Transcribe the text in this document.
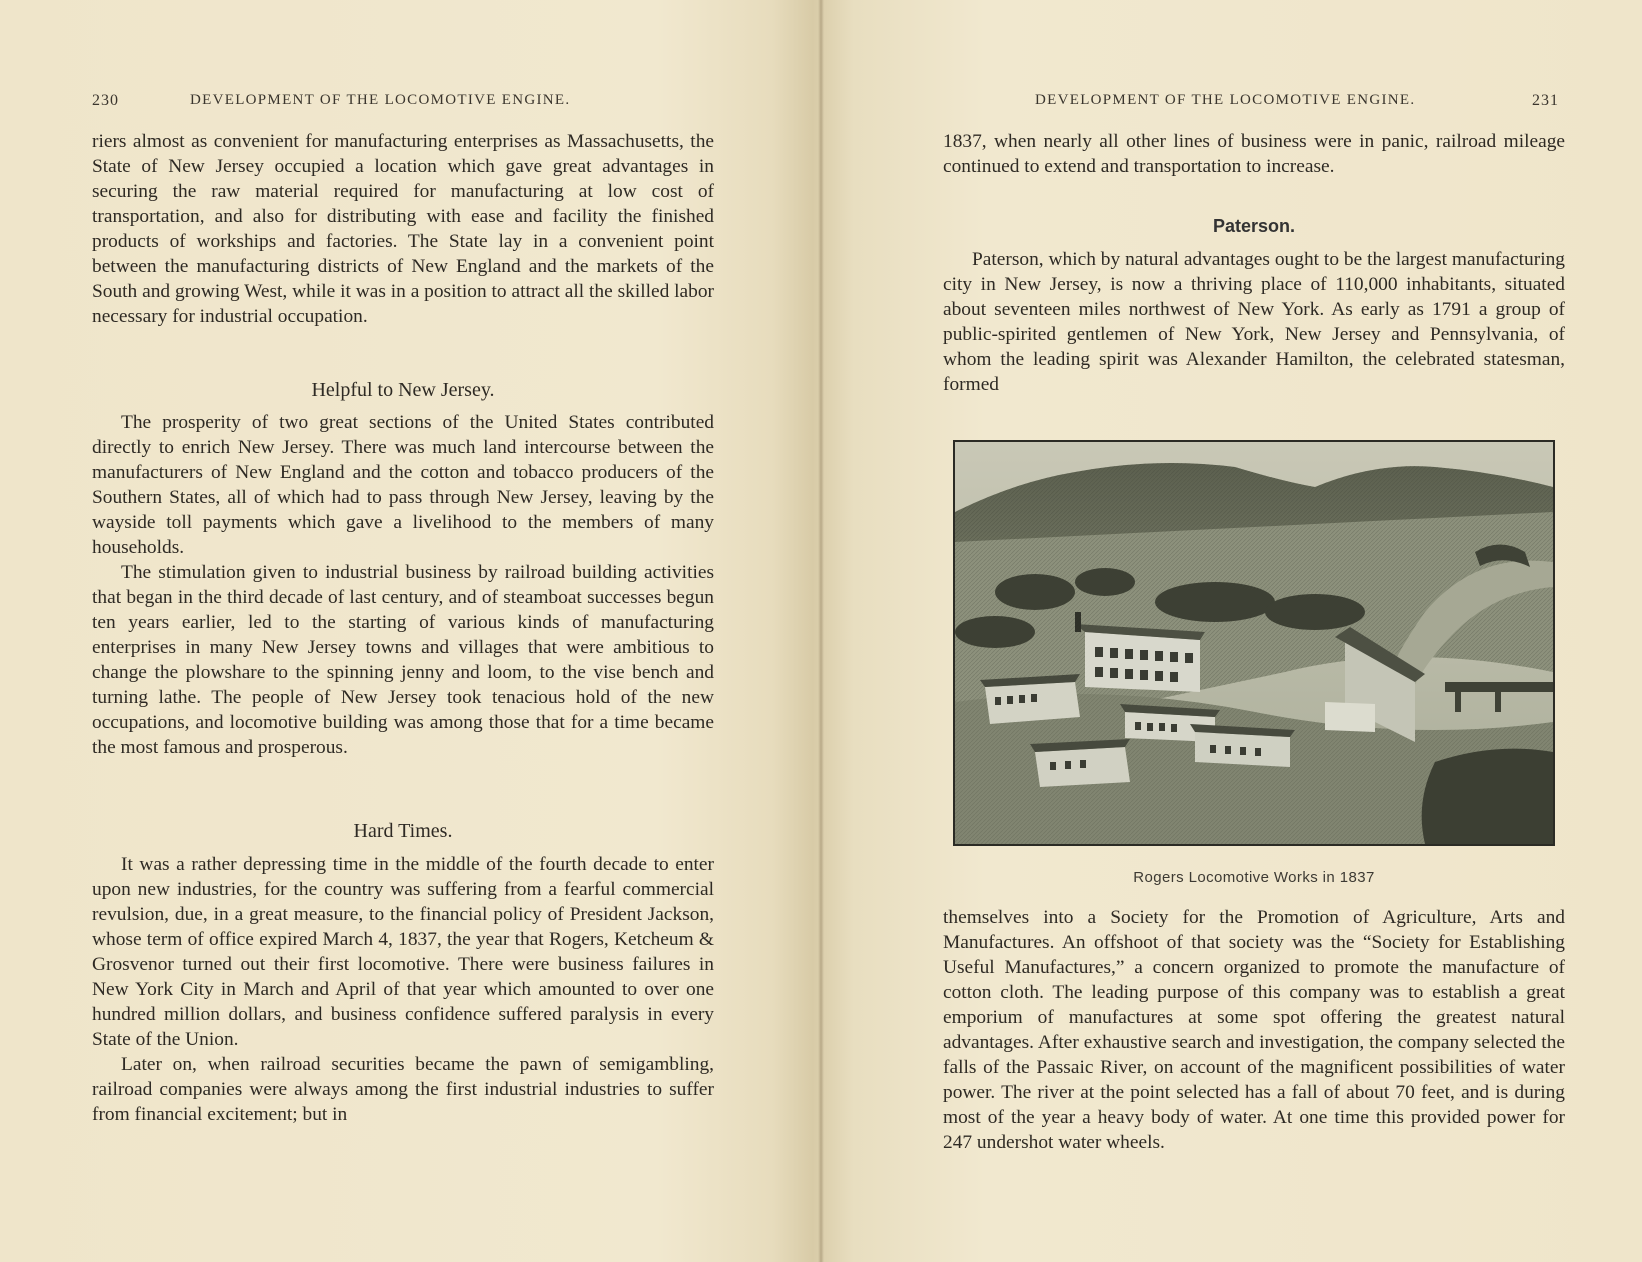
230	DEVELOPMENT OF THE LOCOMOTIVE ENGINE.

riers almost as convenient for manufacturing enterprises as Massachusetts, the State of New Jersey occupied a location which gave great advantages in securing the raw material required for manufacturing at low cost of transportation, and also for distributing with ease and facility the finished products of workships and factories. The State lay in a convenient point between the manufacturing districts of New England and the markets of the South and growing West, while it was in a position to attract all the skilled labor necessary for industrial occupation.

Helpful to New Jersey.

The prosperity of two great sections of the United States contributed directly to enrich New Jersey. There was much land intercourse between the manufacturers of New England and the cotton and tobacco producers of the Southern States, all of which had to pass through New Jersey, leaving by the wayside toll payments which gave a livelihood to the members of many households.

The stimulation given to industrial business by railroad building activities that began in the third decade of last century, and of steamboat successes begun ten years earlier, led to the starting of various kinds of manufacturing enterprises in many New Jersey towns and villages that were ambitious to change the plowshare to the spinning jenny and loom, to the vise bench and turning lathe. The people of New Jersey took tenacious hold of the new occupations, and locomotive building was among those that for a time became the most famous and prosperous.

Hard Times.

It was a rather depressing time in the middle of the fourth decade to enter upon new industries, for the country was suffering from a fearful commercial revulsion, due, in a great measure, to the financial policy of President Jackson, whose term of office expired March 4, 1837, the year that Rogers, Ketcheum & Grosvenor turned out their first locomotive. There were business failures in New York City in March and April of that year which amounted to over one hundred million dollars, and business confidence suffered paralysis in every State of the Union.

Later on, when railroad securities became the pawn of semigambling, railroad companies were always among the first industrial industries to suffer from financial excitement; but in

DEVELOPMENT OF THE LOCOMOTIVE ENGINE.	231

1837, when nearly all other lines of business were in panic, railroad mileage continued to extend and transportation to increase.

Paterson.

Paterson, which by natural advantages ought to be the largest manufacturing city in New Jersey, is now a thriving place of 110,000 inhabitants, situated about seventeen miles northwest of New York. As early as 1791 a group of public-spirited gentlemen of New York, New Jersey and Pennsylvania, of whom the leading spirit was Alexander Hamilton, the celebrated statesman, formed

Rogers Locomotive Works in 1837

themselves into a Society for the Promotion of Agriculture, Arts and Manufactures. An offshoot of that society was the “Society for Establishing Useful Manufactures,” a concern organized to promote the manufacture of cotton cloth. The leading purpose of this company was to establish a great emporium of manufactures at some spot offering the greatest natural advantages. After exhaustive search and investigation, the company selected the falls of the Passaic River, on account of the magnificent possibilities of water power. The river at the point selected has a fall of about 70 feet, and is during most of the year a heavy body of water. At one time this provided power for 247 undershot water wheels.
